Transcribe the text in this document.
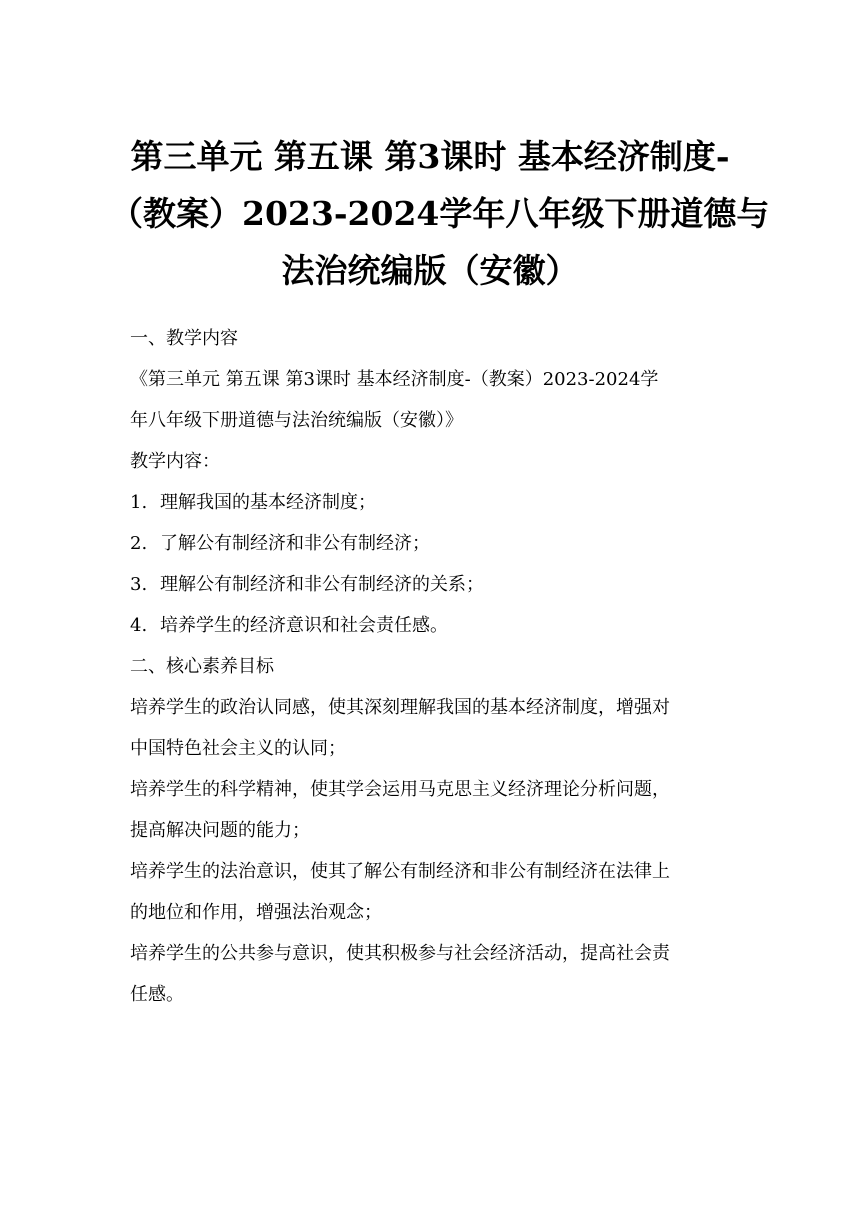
第三单元 第五课 第3课时 基本经济制度-
（教案）2023-2024学年八年级下册道德与
法治统编版（安徽）

一、教学内容

《第三单元 第五课 第3课时 基本经济制度-（教案）2023-2024学

年八年级下册道德与法治统编版（安徽）》

教学内容：

1. 理解我国的基本经济制度；

2. 了解公有制经济和非公有制经济；

3. 理解公有制经济和非公有制经济的关系；

4. 培养学生的经济意识和社会责任感。

二、核心素养目标

培养学生的政治认同感，使其深刻理解我国的基本经济制度，增强对

中国特色社会主义的认同；

培养学生的科学精神，使其学会运用马克思主义经济理论分析问题，

提高解决问题的能力；

培养学生的法治意识，使其了解公有制经济和非公有制经济在法律上

的地位和作用，增强法治观念；

培养学生的公共参与意识，使其积极参与社会经济活动，提高社会责

任感。
